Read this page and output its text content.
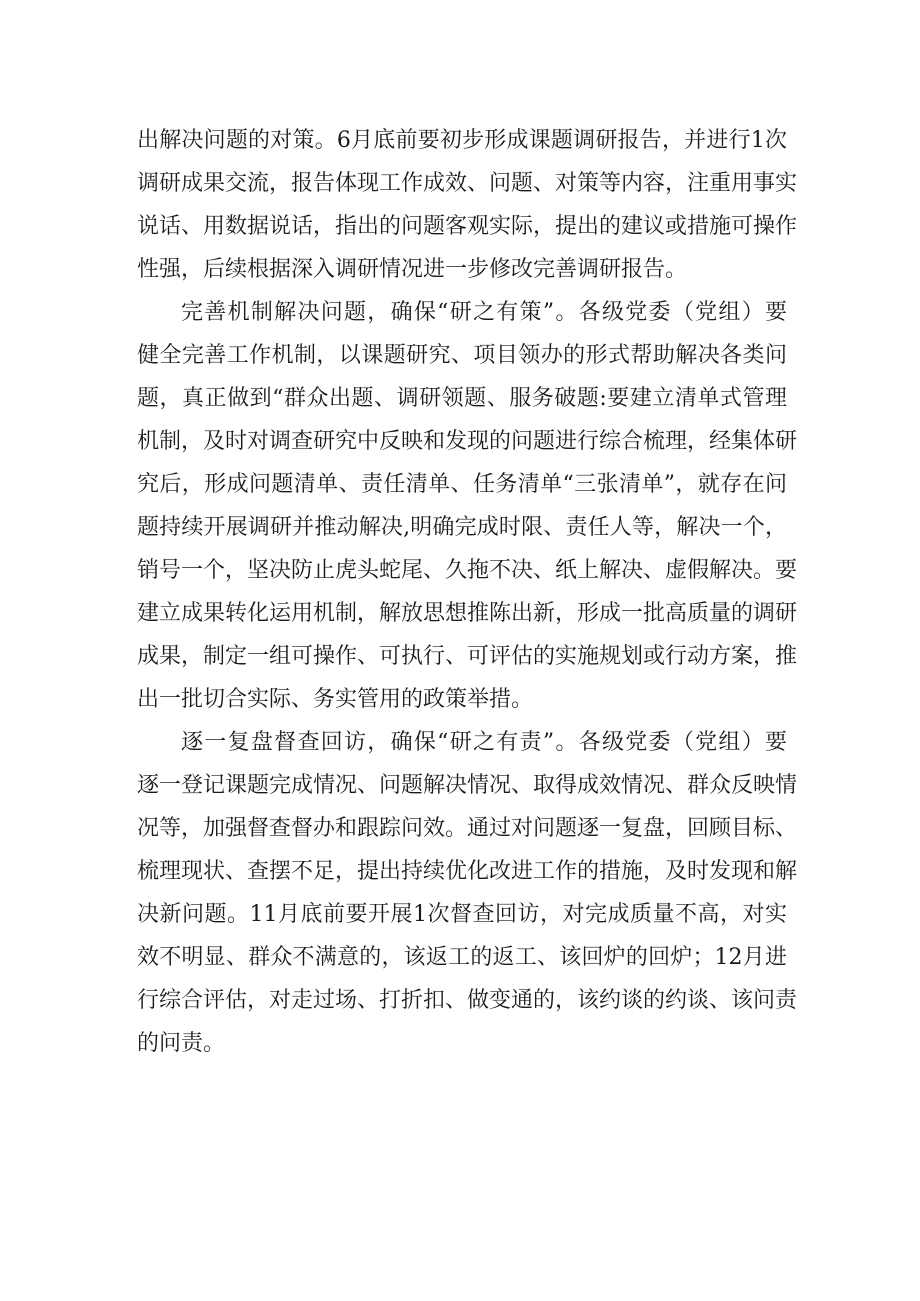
出解决问题的对策。6月底前要初步形成课题调研报告，并进行1次
调研成果交流，报告体现工作成效、问题、对策等内容，注重用事实
说话、用数据说话，指出的问题客观实际，提出的建议或措施可操作
性强，后续根据深入调研情况进一步修改完善调研报告。
完善机制解决问题，确保“研之有策”。各级党委（党组）要
健全完善工作机制，以课题研究、项目领办的形式帮助解决各类问
题，真正做到“群众出题、调研领题、服务破题:要建立清单式管理
机制，及时对调查研究中反映和发现的问题进行综合梳理，经集体研
究后，形成问题清单、责任清单、任务清单“三张清单”，就存在问
题持续开展调研并推动解决,明确完成时限、责任人等，解决一个，
销号一个，坚决防止虎头蛇尾、久拖不决、纸上解决、虚假解决。要
建立成果转化运用机制，解放思想推陈出新，形成一批高质量的调研
成果，制定一组可操作、可执行、可评估的实施规划或行动方案，推
出一批切合实际、务实管用的政策举措。
逐一复盘督查回访，确保“研之有责”。各级党委（党组）要
逐一登记课题完成情况、问题解决情况、取得成效情况、群众反映情
况等，加强督查督办和跟踪问效。通过对问题逐一复盘，回顾目标、
梳理现状、查摆不足，提出持续优化改进工作的措施，及时发现和解
决新问题。11月底前要开展1次督查回访，对完成质量不高，对实
效不明显、群众不满意的，该返工的返工、该回炉的回炉；12月进
行综合评估，对走过场、打折扣、做变通的，该约谈的约谈、该问责
的问责。
